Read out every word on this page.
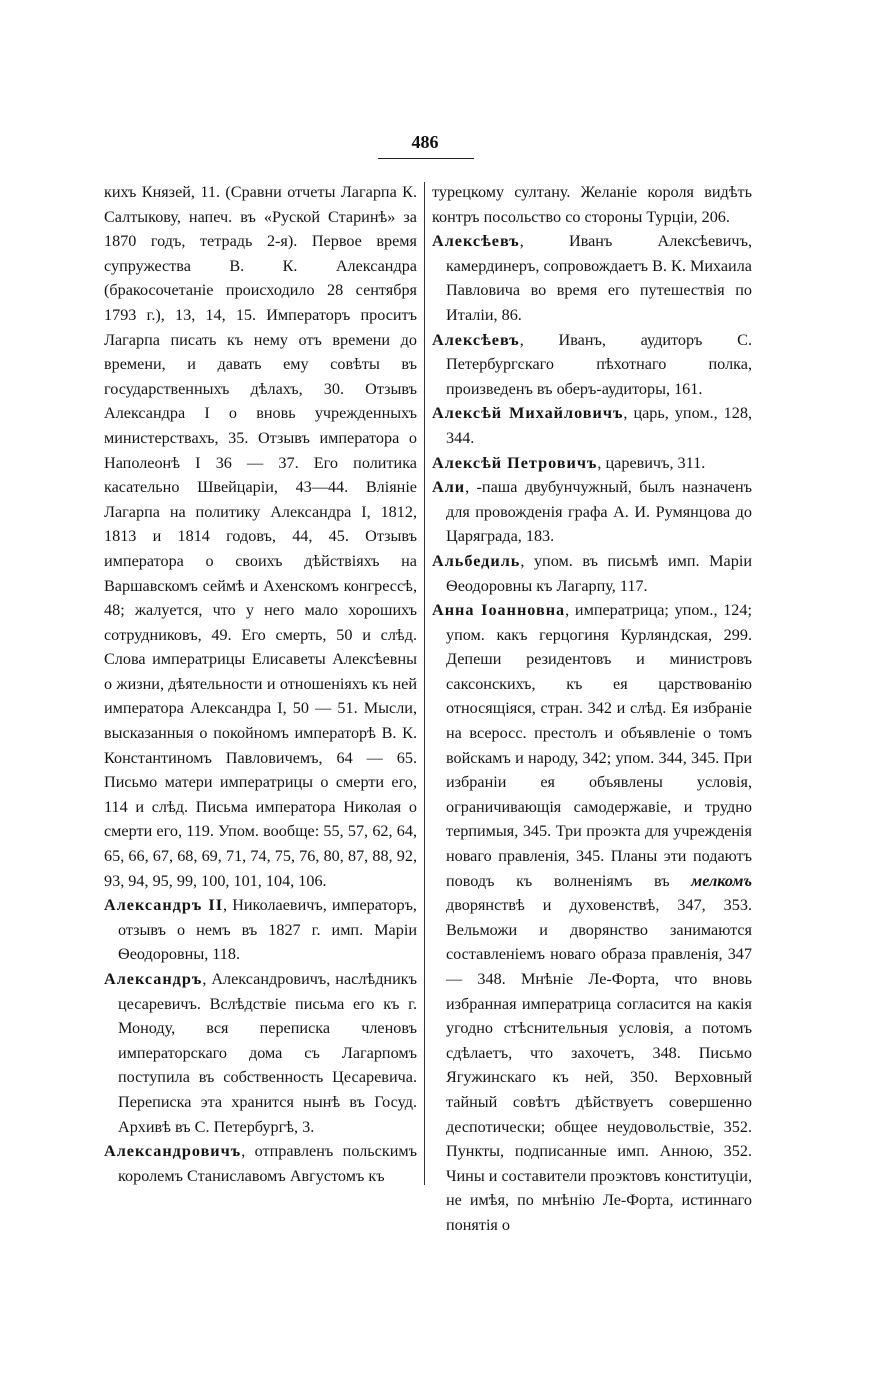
486

кихъ Князей, 11. (Сравни отчеты Лагарпа К. Салтыкову, напеч. въ «Руской Старинѣ» за 1870 годъ, тетрадь 2-я). Первое время супружества В. К. Александра (бракосочетаніе происходило 28 сентября 1793 г.), 13, 14, 15. Императоръ проситъ Лагарпа писать къ нему отъ времени до времени, и давать ему совѣты въ государственныхъ дѣлахъ, 30. Отзывъ Александра I о вновь учрежденныхъ министерствахъ, 35. Отзывъ императора о Наполеонѣ I 36 — 37. Его политика касательно Швейцаріи, 43—44. Вліяніе Лагарпа на политику Александра I, 1812, 1813 и 1814 годовъ, 44, 45. Отзывъ императора о своихъ дѣйствіяхъ на Варшавскомъ сеймѣ и Ахенскомъ конгрессѣ, 48; жалуется, что у него мало хорошихъ сотрудниковъ, 49. Его смерть, 50 и слѣд. Слова императрицы Елисаветы Алексѣевны о жизни, дѣятельности и отношеніяхъ къ ней императора Александра I, 50 — 51. Мысли, высказанныя о покойномъ императорѣ В. К. Константиномъ Павловичемъ, 64 — 65. Письмо матери императрицы о смерти его, 114 и слѣд. Письма императора Николая о смерти его, 119. Упом. вообще: 55, 57, 62, 64, 65, 66, 67, 68, 69, 71, 74, 75, 76, 80, 87, 88, 92, 93, 94, 95, 99, 100, 101, 104, 106.

Александръ II, Николаевичъ, императоръ, отзывъ о немъ въ 1827 г. имп. Маріи Ѳеодоровны, 118.

Александръ, Александровичъ, наслѣдникъ цесаревичъ. Вслѣдствіе письма его къ г. Моноду, вся переписка членовъ императорскаго дома съ Лагарпомъ поступила въ собственность Цесаревича. Переписка эта хранится нынѣ въ Госуд. Архивѣ въ С. Петербургѣ, 3.

Александровичъ, отправленъ польскимъ королемъ Станиславомъ Августомъ къ

турецкому султану. Желаніе короля видѣть контръ посольство со стороны Турціи, 206.

Алексѣевъ, Иванъ Алексѣевичъ, камердинеръ, сопровождаетъ В. К. Михаила Павловича во время его путешествія по Италіи, 86.

Алексѣевъ, Иванъ, аудиторъ С. Петербургскаго пѣхотнаго полка, произведенъ въ оберъ-аудиторы, 161.

Алексѣй Михайловичъ, царь, упом., 128, 344.

Алексѣй Петровичъ, царевичъ, 311.

Али, -паша двубунчужный, былъ назначенъ для провожденія графа А. И. Румянцова до Царяграда, 183.

Альбедиль, упом. въ письмѣ имп. Маріи Ѳеодоровны къ Лагарпу, 117.

Анна Іоанновна, императрица; упом., 124; упом. какъ герцогиня Курляндская, 299. Депеши резидентовъ и министровъ саксонскихъ, къ ея царствованію относящіяся, стран. 342 и слѣд. Ея избраніе на всеросс. престолъ и объявленіе о томъ войскамъ и народу, 342; упом. 344, 345. При избраніи ея объявлены условія, ограничивающія самодержавіе, и трудно терпимыя, 345. Три проэкта для учрежденія новаго правленія, 345. Планы эти подаютъ поводъ къ волненіямъ въ мелкомъ дворянствѣ и духовенствѣ, 347, 353. Вельможи и дворянство занимаются составленіемъ новаго образа правленія, 347 — 348. Мнѣніе Ле-Форта, что вновь избранная императрица согласится на какія угодно стѣснительныя условія, а потомъ сдѣлаетъ, что захочетъ, 348. Письмо Ягужинскаго къ ней, 350. Верховный тайный совѣтъ дѣйствуетъ совершенно деспотически; общее неудовольствіе, 352. Пункты, подписанные имп. Анною, 352. Чины и составители проэктовъ конституціи, не имѣя, по мнѣнію Ле-Форта, истиннаго понятія о
